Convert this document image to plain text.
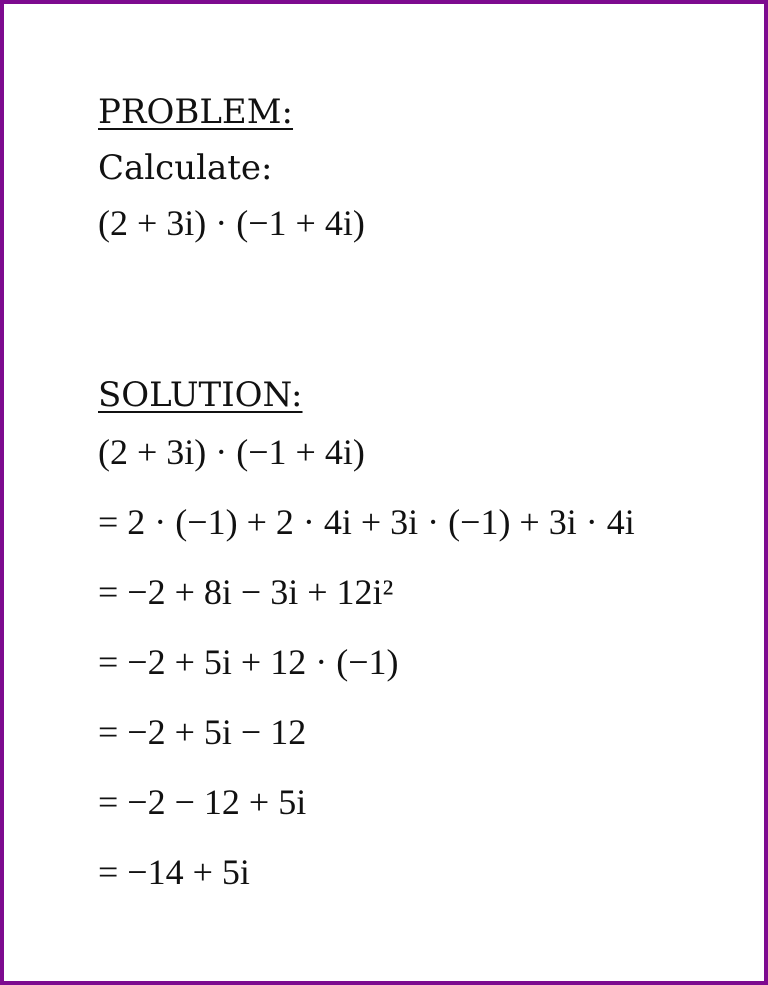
PROBLEM:
Calculate:
(2 + 3i) · (−1 + 4i)
SOLUTION:
(2 + 3i) · (−1 + 4i)
= 2 · (−1) + 2 · 4i + 3i · (−1) + 3i · 4i
= −2 + 8i − 3i + 12i²
= −2 + 5i + 12 · (−1)
= −2 + 5i − 12
= −2 − 12 + 5i
= −14 + 5i
